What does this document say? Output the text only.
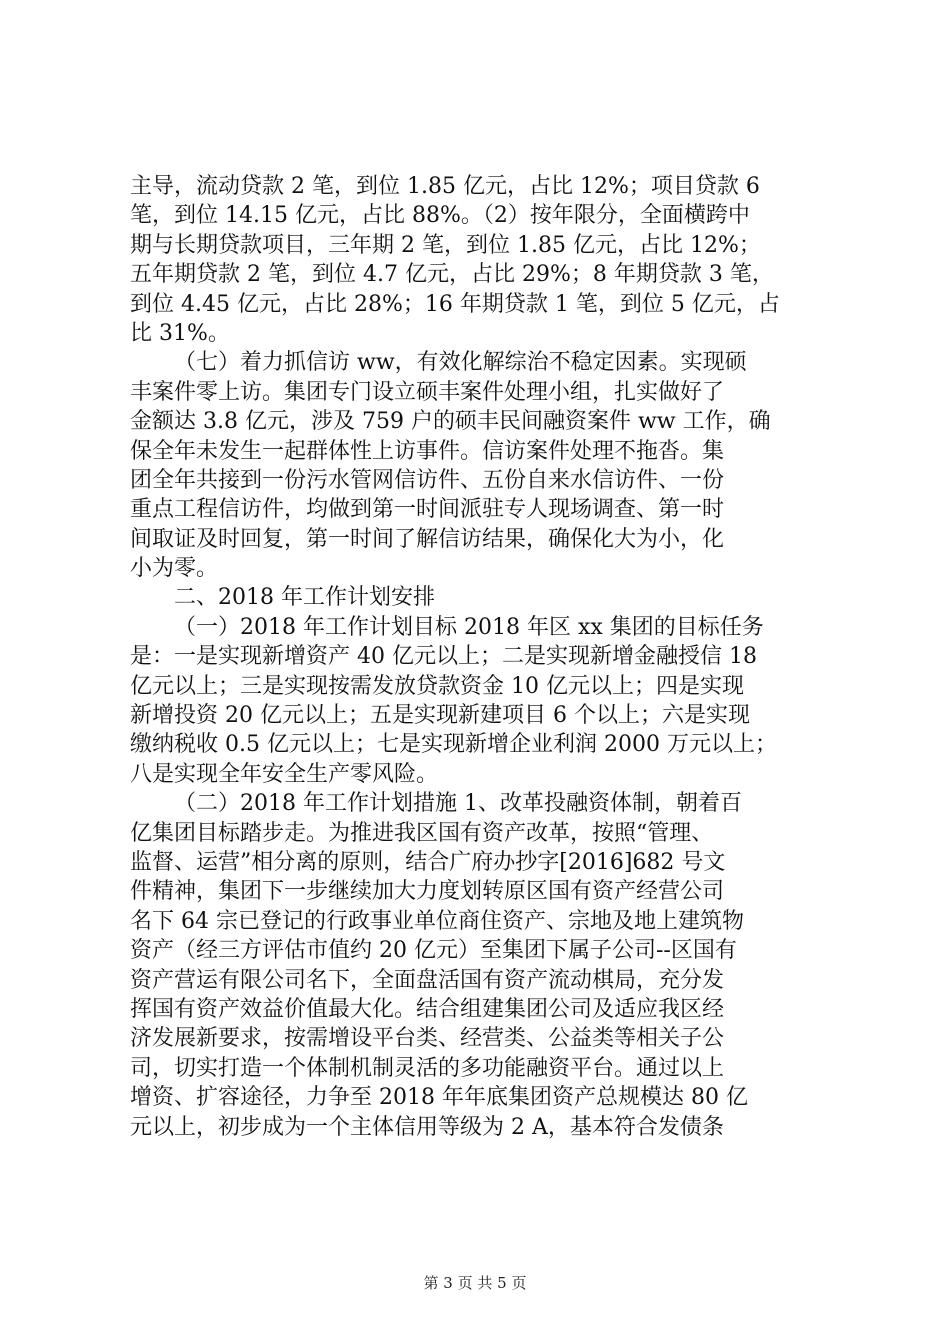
主导，流动贷款 2 笔，到位 1.85 亿元，占比 12%；项目贷款 6
笔，到位 14.15 亿元，占比 88%。（2）按年限分，全面横跨中
期与长期贷款项目，三年期 2 笔，到位 1.85 亿元，占比 12%；
五年期贷款 2 笔，到位 4.7 亿元，占比 29%；8 年期贷款 3 笔，
到位 4.45 亿元，占比 28%；16 年期贷款 1 笔，到位 5 亿元，占
比 31%。
（七）着力抓信访 ww，有效化解综治不稳定因素。实现硕
丰案件零上访。集团专门设立硕丰案件处理小组，扎实做好了
金额达 3.8 亿元，涉及 759 户的硕丰民间融资案件 ww 工作，确
保全年未发生一起群体性上访事件。信访案件处理不拖沓。集
团全年共接到一份污水管网信访件、五份自来水信访件、一份
重点工程信访件，均做到第一时间派驻专人现场调查、第一时
间取证及时回复，第一时间了解信访结果，确保化大为小，化
小为零。
二、2018 年工作计划安排
（一）2018 年工作计划目标 2018 年区 xx 集团的目标任务
是：一是实现新增资产 40 亿元以上；二是实现新增金融授信 18
亿元以上；三是实现按需发放贷款资金 10 亿元以上；四是实现
新增投资 20 亿元以上；五是实现新建项目 6 个以上；六是实现
缴纳税收 0.5 亿元以上；七是实现新增企业利润 2000 万元以上；
八是实现全年安全生产零风险。
（二）2018 年工作计划措施 1、改革投融资体制，朝着百
亿集团目标踏步走。为推进我区国有资产改革，按照“管理、
监督、运营”相分离的原则，结合广府办抄字[2016]682 号文
件精神，集团下一步继续加大力度划转原区国有资产经营公司
名下 64 宗已登记的行政事业单位商住资产、宗地及地上建筑物
资产（经三方评估市值约 20 亿元）至集团下属子公司--区国有
资产营运有限公司名下，全面盘活国有资产流动棋局，充分发
挥国有资产效益价值最大化。结合组建集团公司及适应我区经
济发展新要求，按需增设平台类、经营类、公益类等相关子公
司，切实打造一个体制机制灵活的多功能融资平台。通过以上
增资、扩容途径，力争至 2018 年年底集团资产总规模达 80 亿
元以上，初步成为一个主体信用等级为 2 A，基本符合发债条
第 3 页 共 5 页
